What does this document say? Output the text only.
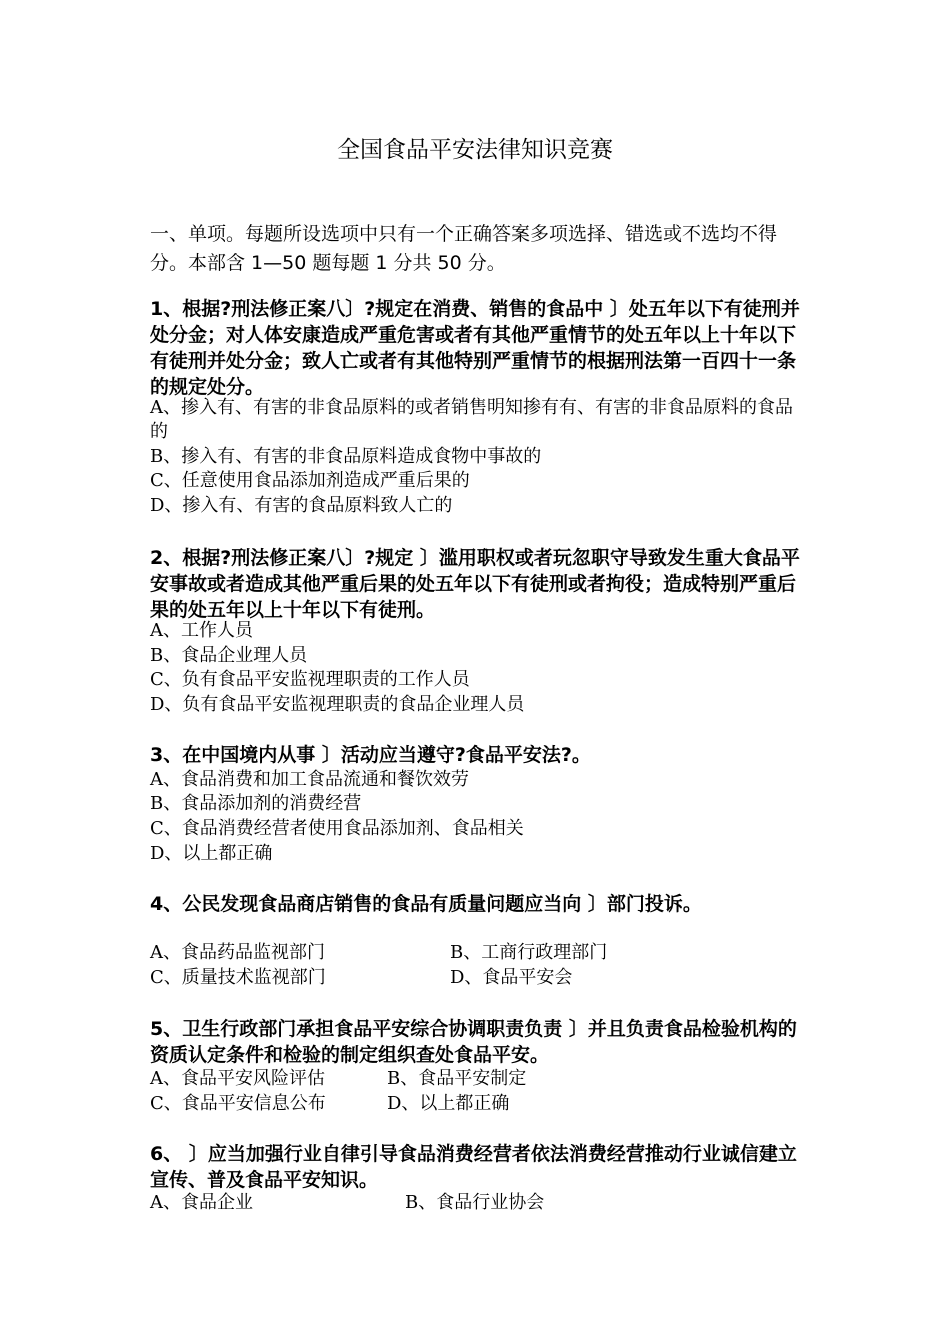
全国食品平安法律知识竞赛
一、单项。每题所设选项中只有一个正确答案多项选择、错选或不选均不得分。本部含 1—50 题每题 1 分共 50 分。
1、根据?刑法修正案八〕?规定在消费、销售的食品中 〕处五年以下有徒刑并处分金；对人体安康造成严重危害或者有其他严重情节的处五年以上十年以下有徒刑并处分金；致人亡或者有其他特别严重情节的根据刑法第一百四十一条的规定处分。
A、掺入有、有害的非食品原料的或者销售明知掺有有、有害的非食品原料的食品的
B、掺入有、有害的非食品原料造成食物中事故的
C、任意使用食品添加剂造成严重后果的
D、掺入有、有害的食品原料致人亡的
2、根据?刑法修正案八〕?规定 〕滥用职权或者玩忽职守导致发生重大食品平安事故或者造成其他严重后果的处五年以下有徒刑或者拘役；造成特别严重后果的处五年以上十年以下有徒刑。
A、工作人员
B、食品企业理人员
C、负有食品平安监视理职责的工作人员
D、负有食品平安监视理职责的食品企业理人员
3、在中国境内从事 〕活动应当遵守?食品平安法?。
A、食品消费和加工食品流通和餐饮效劳
B、食品添加剂的消费经营
C、食品消费经营者使用食品添加剂、食品相关
D、以上都正确
4、公民发现食品商店销售的食品有质量问题应当向 〕部门投诉。
A、食品药品监视部门	B、工商行政理部门
C、质量技术监视部门	D、食品平安会
5、卫生行政部门承担食品平安综合协调职责负责 〕并且负责食品检验机构的资质认定条件和检验的制定组织查处食品平安。
A、食品平安风险评估	B、食品平安制定
C、食品平安信息公布	D、以上都正确
6、 〕应当加强行业自律引导食品消费经营者依法消费经营推动行业诚信建立宣传、普及食品平安知识。
A、食品企业	B、食品行业协会
